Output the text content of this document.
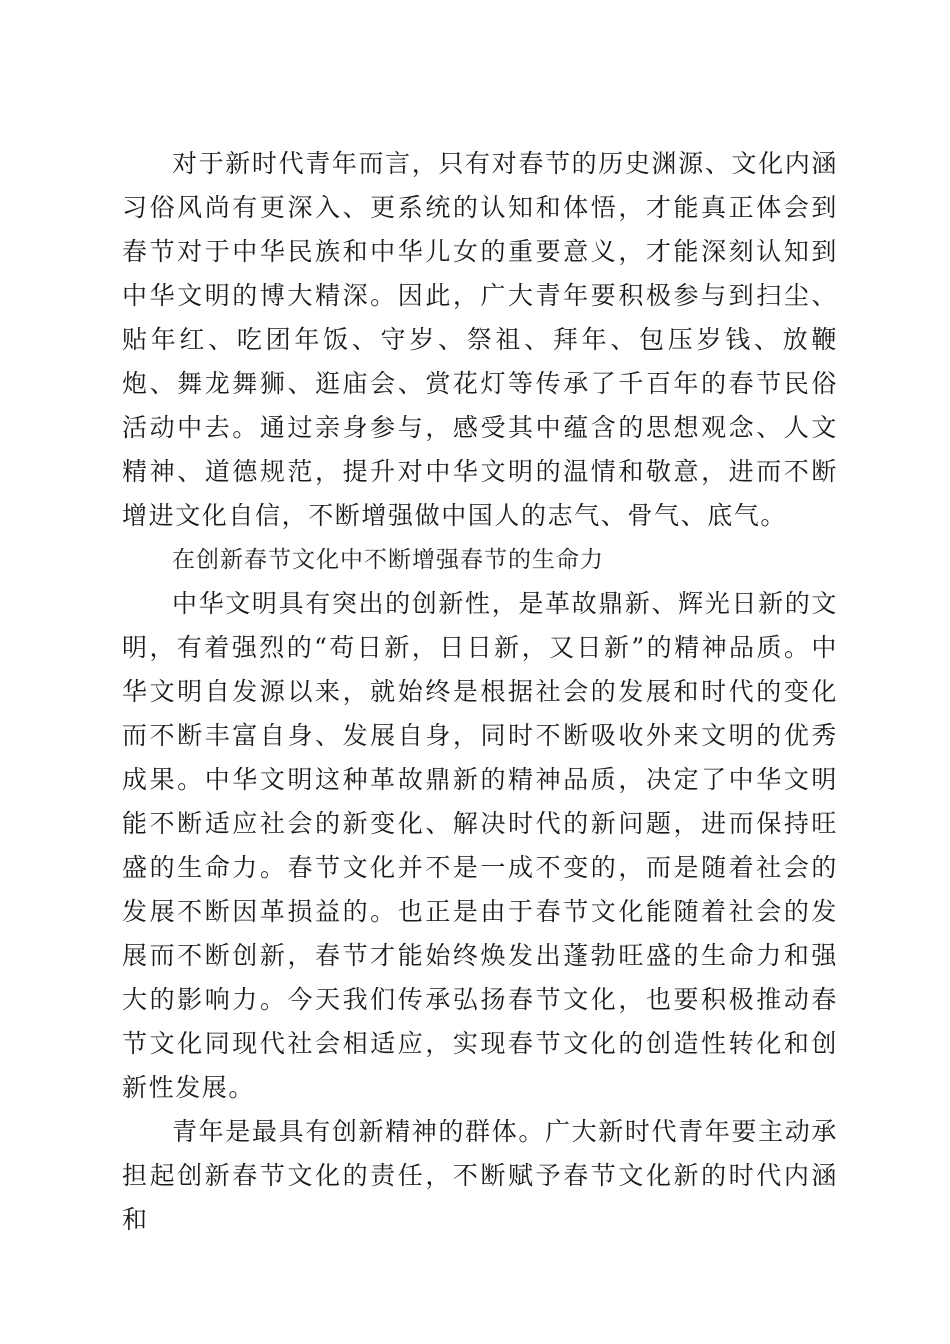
对于新时代青年而言，只有对春节的历史渊源、文化内涵习俗风尚有更深入、更系统的认知和体悟，才能真正体会到春节对于中华民族和中华儿女的重要意义，才能深刻认知到中华文明的博大精深。因此，广大青年要积极参与到扫尘、贴年红、吃团年饭、守岁、祭祖、拜年、包压岁钱、放鞭炮、舞龙舞狮、逛庙会、赏花灯等传承了千百年的春节民俗活动中去。通过亲身参与，感受其中蕴含的思想观念、人文精神、道德规范，提升对中华文明的温情和敬意，进而不断增进文化自信，不断增强做中国人的志气、骨气、底气。

在创新春节文化中不断增强春节的生命力

中华文明具有突出的创新性，是革故鼎新、辉光日新的文明，有着强烈的“苟日新，日日新，又日新”的精神品质。中华文明自发源以来，就始终是根据社会的发展和时代的变化而不断丰富自身、发展自身，同时不断吸收外来文明的优秀成果。中华文明这种革故鼎新的精神品质，决定了中华文明能不断适应社会的新变化、解决时代的新问题，进而保持旺盛的生命力。春节文化并不是一成不变的，而是随着社会的发展不断因革损益的。也正是由于春节文化能随着社会的发展而不断创新，春节才能始终焕发出蓬勃旺盛的生命力和强大的影响力。今天我们传承弘扬春节文化，也要积极推动春节文化同现代社会相适应，实现春节文化的创造性转化和创新性发展。

青年是最具有创新精神的群体。广大新时代青年要主动承担起创新春节文化的责任，不断赋予春节文化新的时代内涵和
